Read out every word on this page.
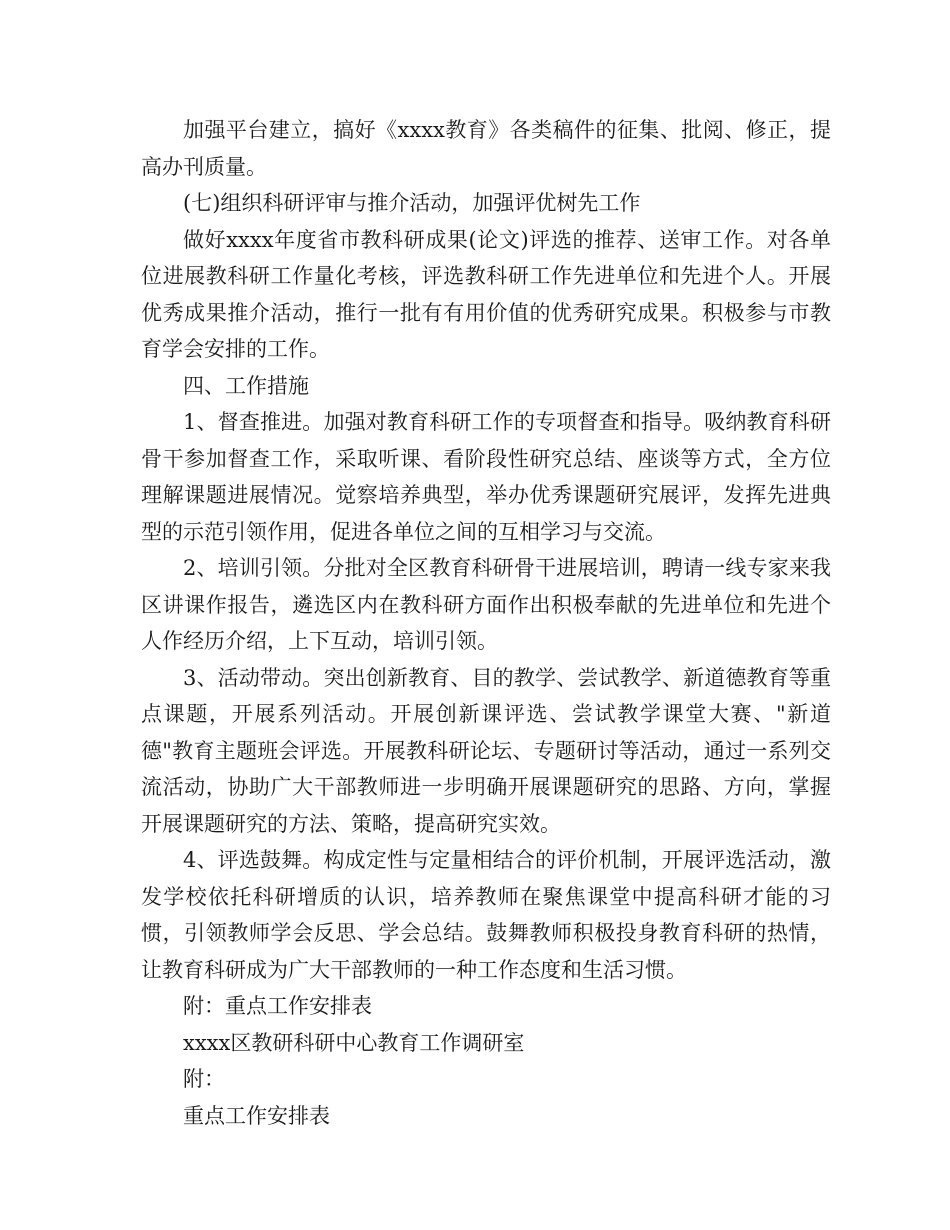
加强平台建立，搞好《xxxx教育》各类稿件的征集、批阅、修正，提高办刊质量。

(七)组织科研评审与推介活动，加强评优树先工作

做好xxxx年度省市教科研成果(论文)评选的推荐、送审工作。对各单位进展教科研工作量化考核，评选教科研工作先进单位和先进个人。开展优秀成果推介活动，推行一批有有用价值的优秀研究成果。积极参与市教育学会安排的工作。

四、工作措施

1、督查推进。加强对教育科研工作的专项督查和指导。吸纳教育科研骨干参加督查工作，采取听课、看阶段性研究总结、座谈等方式，全方位理解课题进展情况。觉察培养典型，举办优秀课题研究展评，发挥先进典型的示范引领作用，促进各单位之间的互相学习与交流。

2、培训引领。分批对全区教育科研骨干进展培训，聘请一线专家来我区讲课作报告，遴选区内在教科研方面作出积极奉献的先进单位和先进个人作经历介绍，上下互动，培训引领。

3、活动带动。突出创新教育、目的教学、尝试教学、新道德教育等重点课题，开展系列活动。开展创新课评选、尝试教学课堂大赛、"新道德"教育主题班会评选。开展教科研论坛、专题研讨等活动，通过一系列交流活动，协助广大干部教师进一步明确开展课题研究的思路、方向，掌握开展课题研究的方法、策略，提高研究实效。

4、评选鼓舞。构成定性与定量相结合的评价机制，开展评选活动，激发学校依托科研增质的认识，培养教师在聚焦课堂中提高科研才能的习惯，引领教师学会反思、学会总结。鼓舞教师积极投身教育科研的热情，让教育科研成为广大干部教师的一种工作态度和生活习惯。

附：重点工作安排表

xxxx区教研科研中心教育工作调研室

附：

重点工作安排表
